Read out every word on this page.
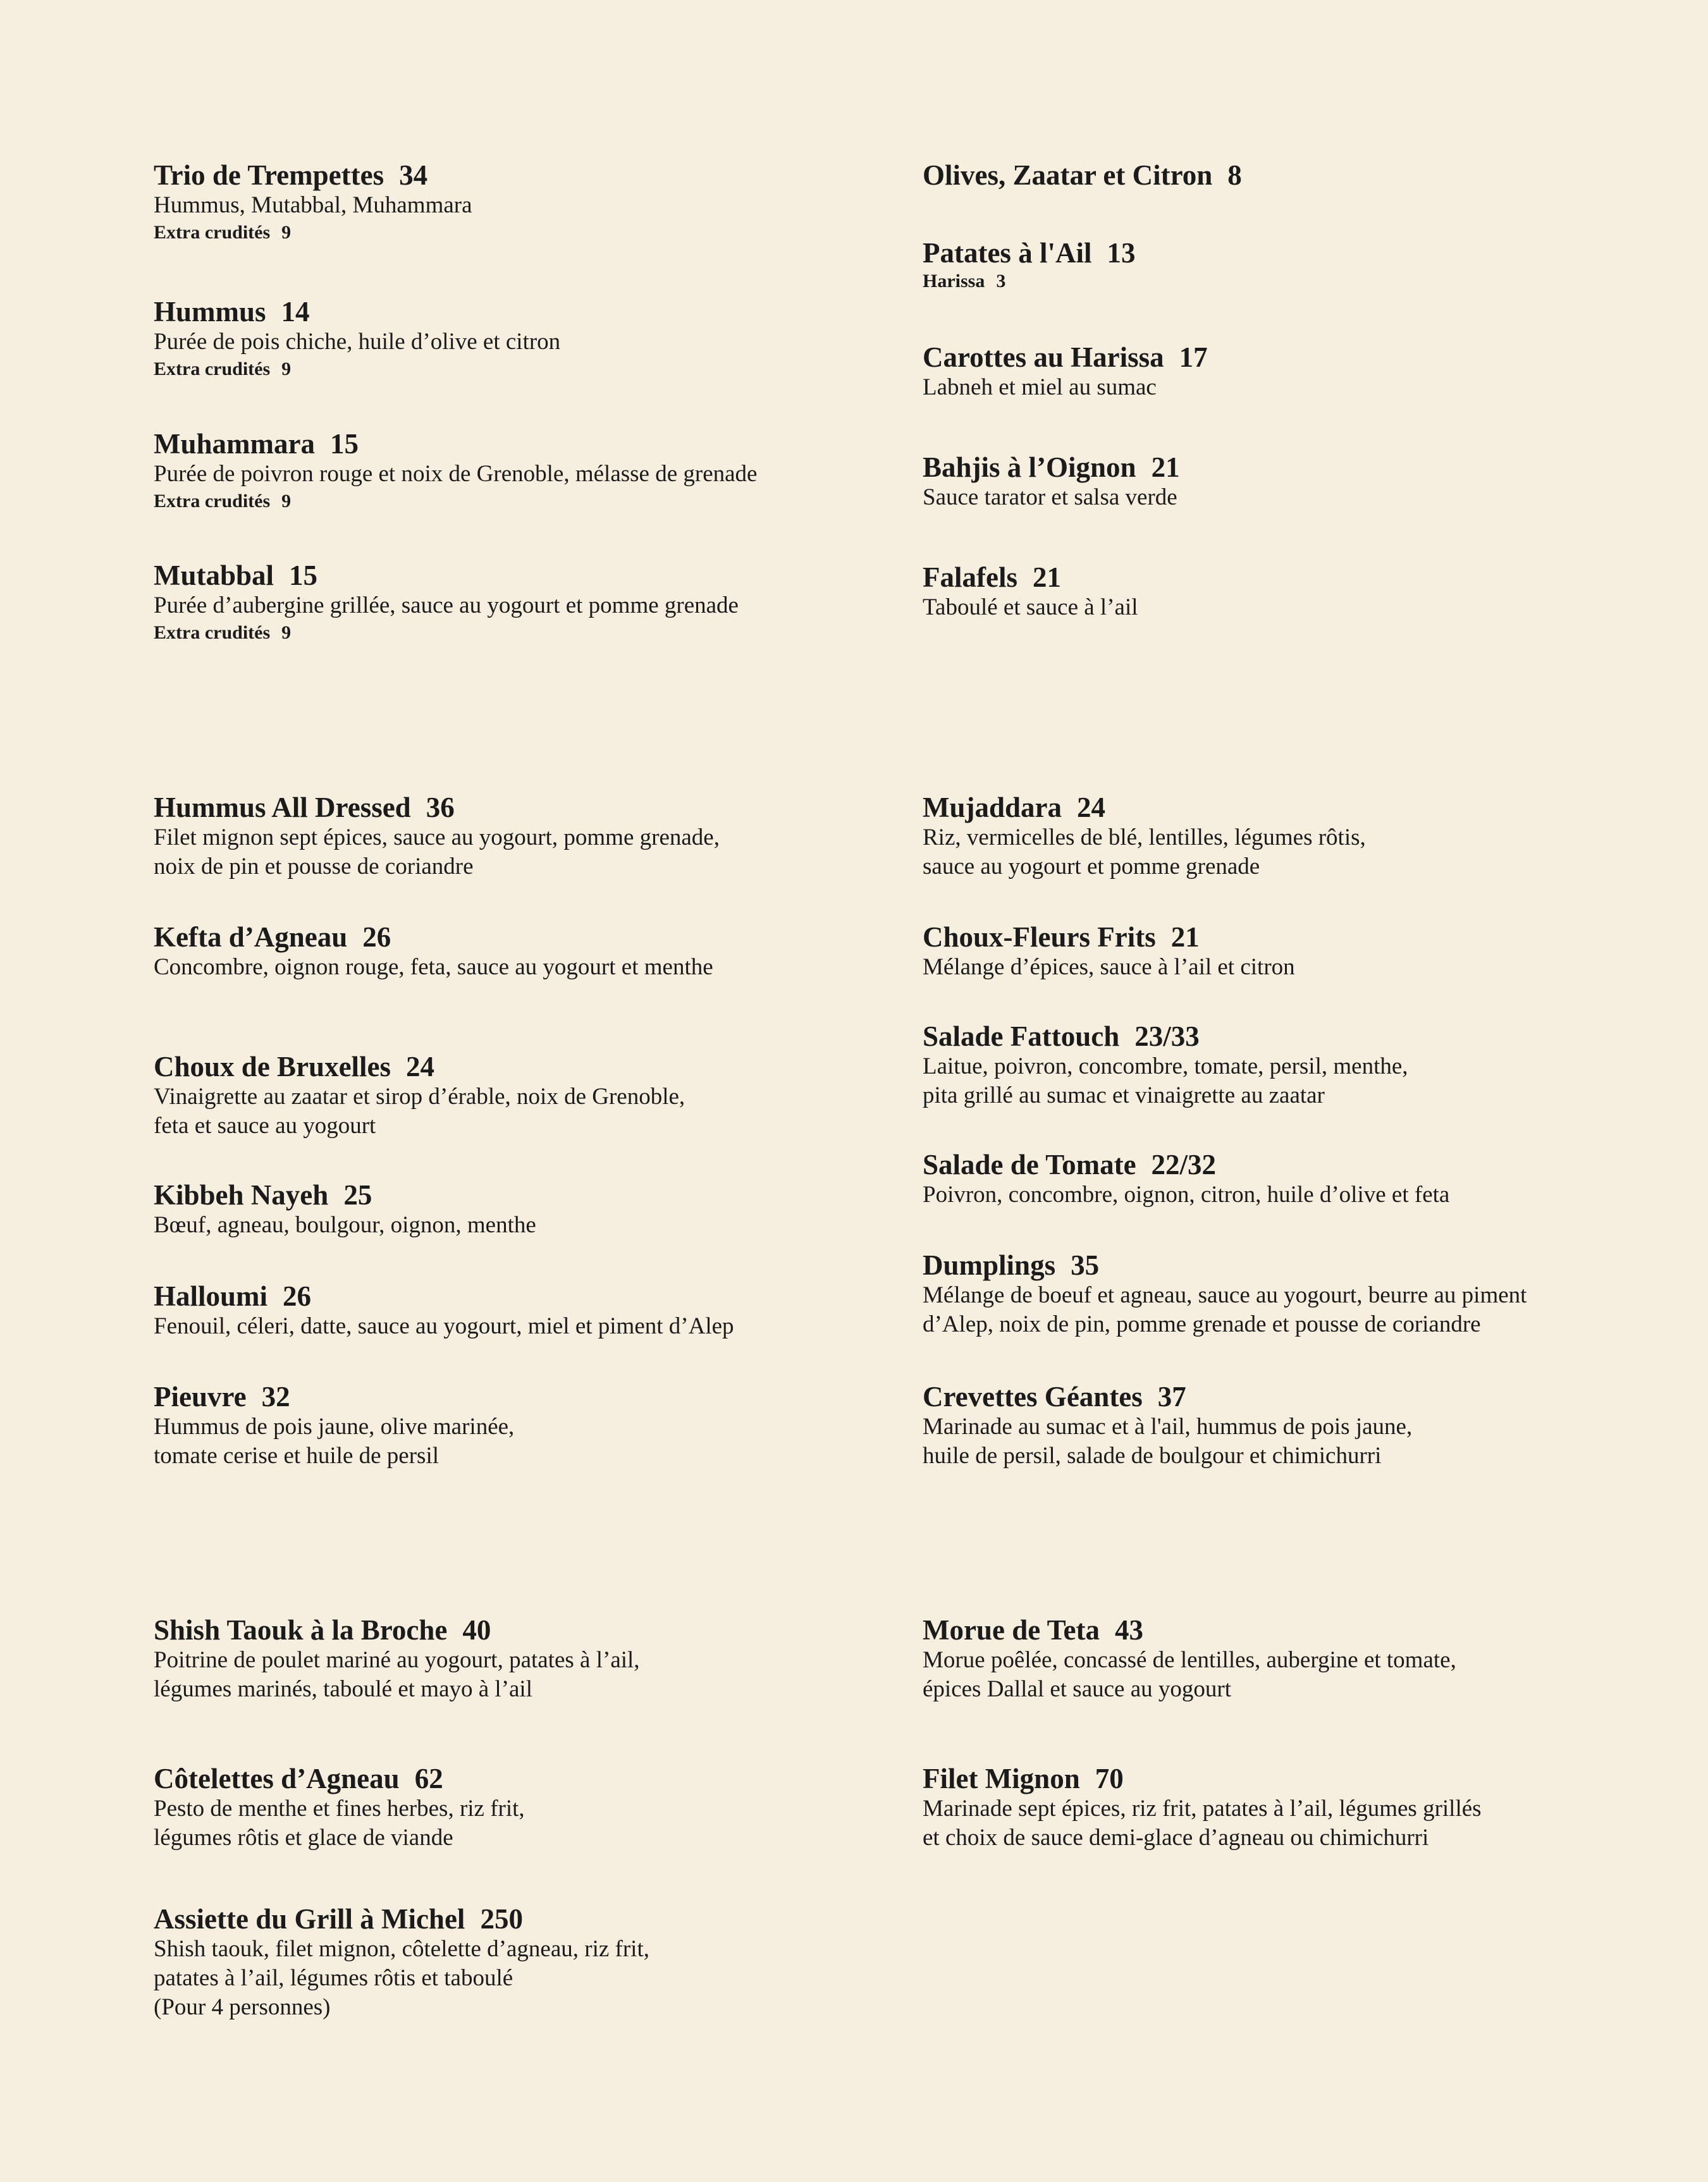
Trio de Trempettes 34
Hummus, Mutabbal, Muhammara
Extra crudités 9
Hummus 14
Purée de pois chiche, huile d’olive et citron
Extra crudités 9
Muhammara 15
Purée de poivron rouge et noix de Grenoble, mélasse de grenade
Extra crudités 9
Mutabbal 15
Purée d’aubergine grillée, sauce au yogourt et pomme grenade
Extra crudités 9
Hummus All Dressed 36
Filet mignon sept épices, sauce au yogourt, pomme grenade,
noix de pin et pousse de coriandre
Kefta d’Agneau 26
Concombre, oignon rouge, feta, sauce au yogourt et menthe
Choux de Bruxelles 24
Vinaigrette au zaatar et sirop d’érable, noix de Grenoble,
feta et sauce au yogourt
Kibbeh Nayeh 25
Bœuf, agneau, boulgour, oignon, menthe
Halloumi 26
Fenouil, céleri, datte, sauce au yogourt, miel et piment d’Alep
Pieuvre 32
Hummus de pois jaune, olive marinée,
tomate cerise et huile de persil
Shish Taouk à la Broche 40
Poitrine de poulet mariné au yogourt, patates à l’ail,
légumes marinés, taboulé et mayo à l’ail
Côtelettes d’Agneau 62
Pesto de menthe et fines herbes, riz frit,
légumes rôtis et glace de viande
Assiette du Grill à Michel 250
Shish taouk, filet mignon, côtelette d’agneau, riz frit,
patates à l’ail, légumes rôtis et taboulé
(Pour 4 personnes)
Olives, Zaatar et Citron 8
Patates à l'Ail 13
Harissa 3
Carottes au Harissa 17
Labneh et miel au sumac
Bahjis à l’Oignon 21
Sauce tarator et salsa verde
Falafels 21
Taboulé et sauce à l’ail
Mujaddara 24
Riz, vermicelles de blé, lentilles, légumes rôtis,
sauce au yogourt et pomme grenade
Choux-Fleurs Frits 21
Mélange d’épices, sauce à l’ail et citron
Salade Fattouch 23/33
Laitue, poivron, concombre, tomate, persil, menthe,
pita grillé au sumac et vinaigrette au zaatar
Salade de Tomate 22/32
Poivron, concombre, oignon, citron, huile d’olive et feta
Dumplings 35
Mélange de boeuf et agneau, sauce au yogourt, beurre au piment
d’Alep, noix de pin, pomme grenade et pousse de coriandre
Crevettes Géantes 37
Marinade au sumac et à l'ail, hummus de pois jaune,
huile de persil, salade de boulgour et chimichurri
Morue de Teta 43
Morue poêlée, concassé de lentilles, aubergine et tomate,
épices Dallal et sauce au yogourt
Filet Mignon 70
Marinade sept épices, riz frit, patates à l’ail, légumes grillés
et choix de sauce demi-glace d’agneau ou chimichurri
